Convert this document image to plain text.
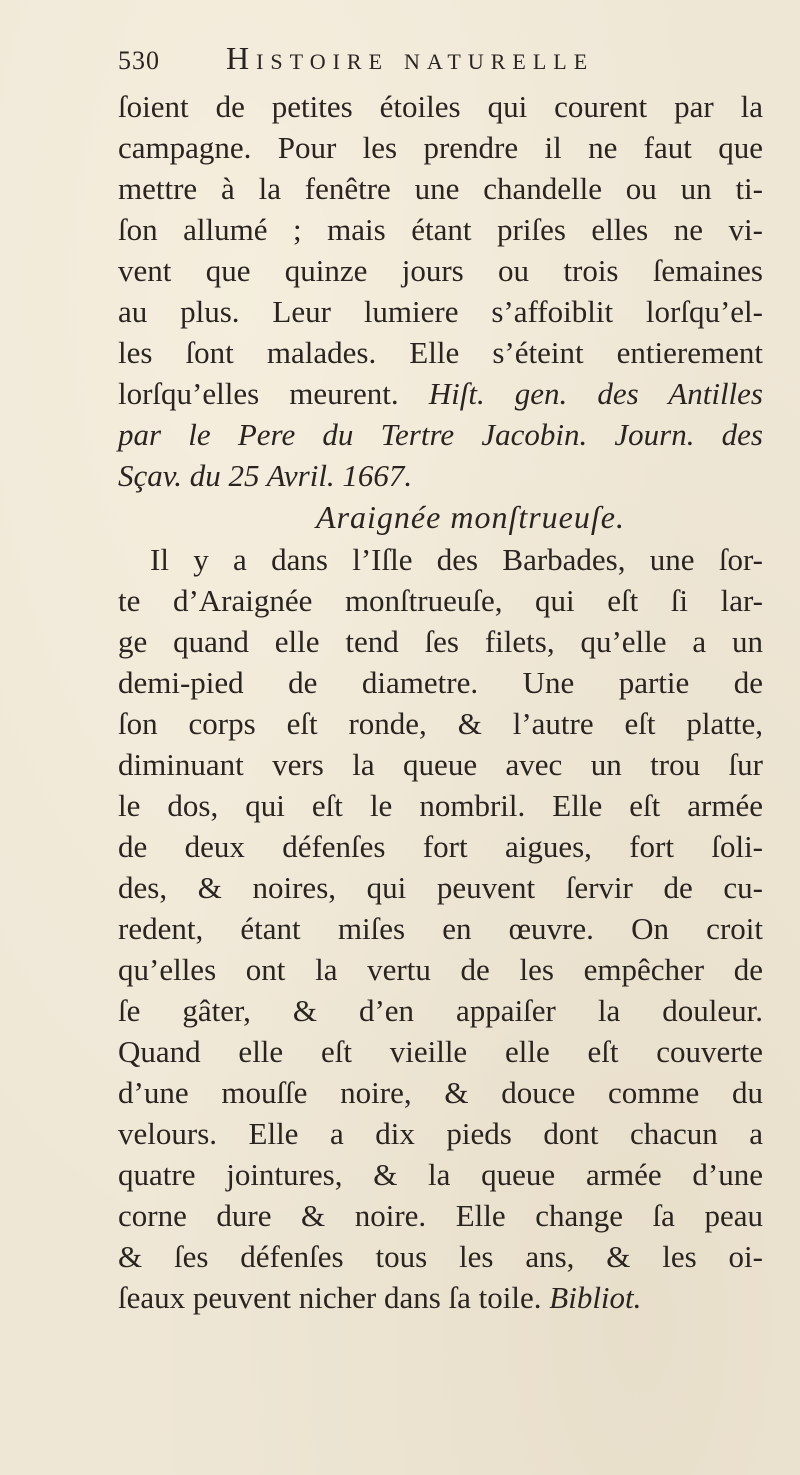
530 Histoire naturelle
ſoient de petites étoiles qui courent par la
campagne. Pour les prendre il ne faut que
mettre à la fenêtre une chandelle ou un ti-
ſon allumé ; mais étant priſes elles ne vi-
vent que quinze jours ou trois ſemaines
au plus. Leur lumiere s’affoiblit lorſqu’el-
les ſont malades. Elle s’éteint entierement
lorſqu’elles meurent. Hiſt. gen. des Antilles
par le Pere du Tertre Jacobin. Journ. des
Sçav. du 25 Avril. 1667.
Araignée monſtrueuſe.
Il y a dans l’Iſle des Barbades, une ſor-
te d’Araignée monſtrueuſe, qui eſt ſi lar-
ge quand elle tend ſes filets, qu’elle a un
demi-pied de diametre. Une partie de
ſon corps eſt ronde, & l’autre eſt platte,
diminuant vers la queue avec un trou ſur
le dos, qui eſt le nombril. Elle eſt armée
de deux défenſes fort aigues, fort ſoli-
des, & noires, qui peuvent ſervir de cu-
redent, étant miſes en œuvre. On croit
qu’elles ont la vertu de les empêcher de
ſe gâter, & d’en appaiſer la douleur.
Quand elle eſt vieille elle eſt couverte
d’une mouſſe noire, & douce comme du
velours. Elle a dix pieds dont chacun a
quatre jointures, & la queue armée d’une
corne dure & noire. Elle change ſa peau
& ſes défenſes tous les ans, & les oi-
ſeaux peuvent nicher dans ſa toile. Bibliot.
